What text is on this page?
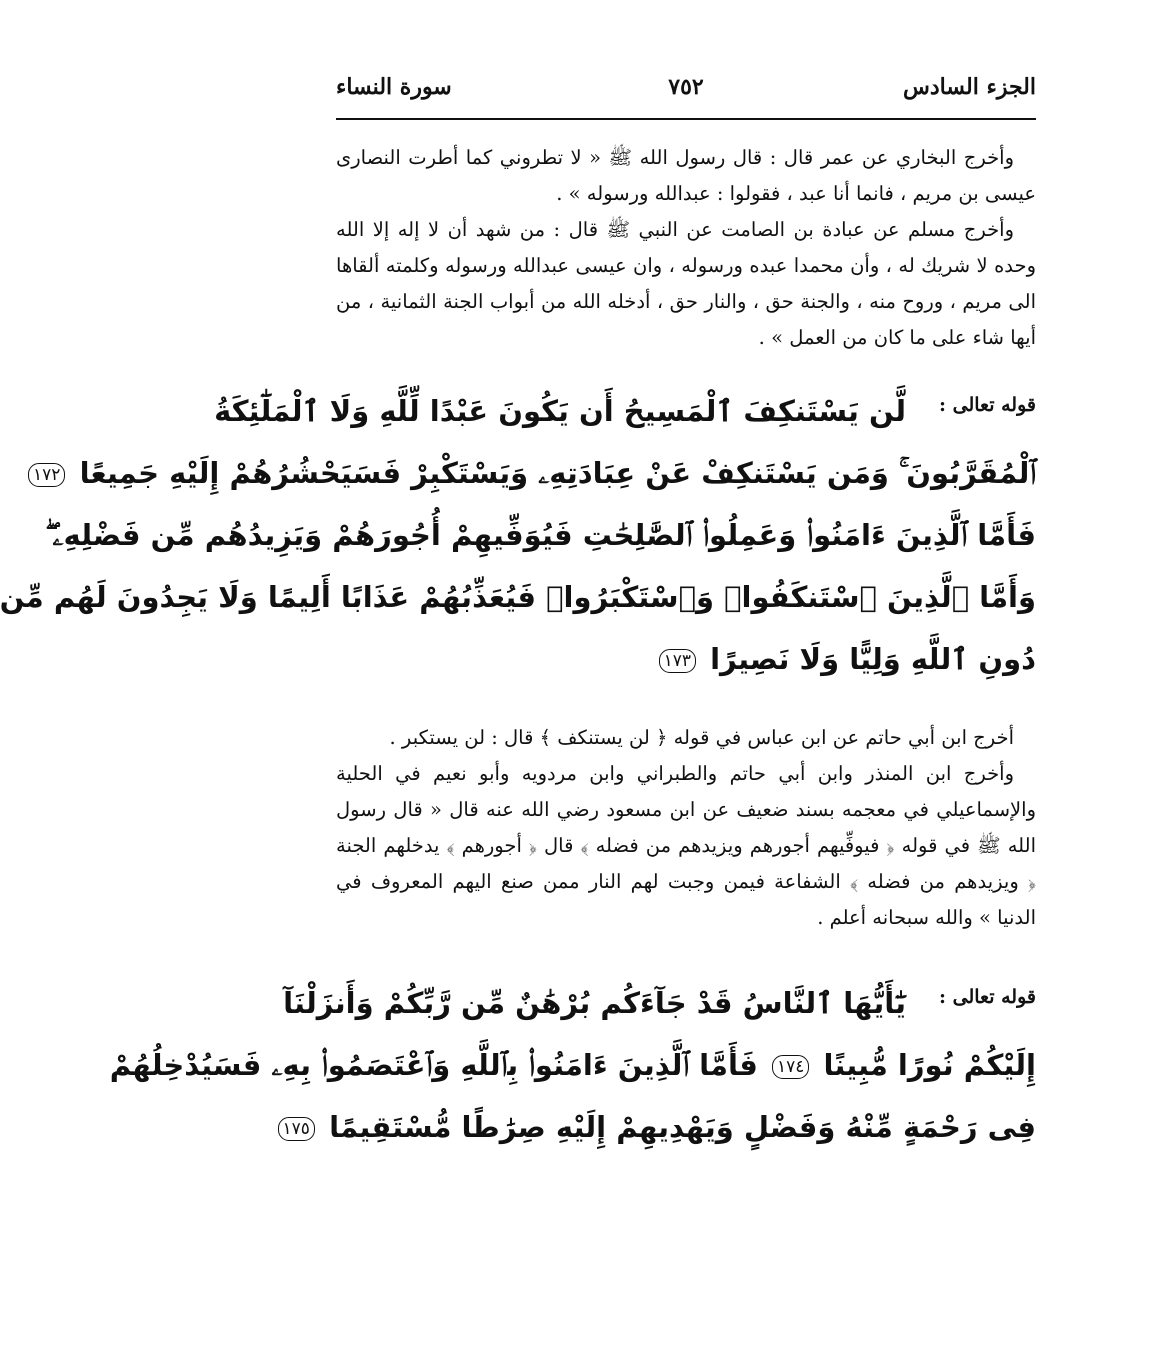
الجزء السادس
٧٥٢
سورة النساء

وأخرج البخاري عن عمر قال : قال رسول الله ﷺ « لا تطروني كما أطرت النصارى عيسى بن مريم ، فانما أنا عبد ، فقولوا : عبدالله ورسوله » .

وأخرج مسلم عن عبادة بن الصامت عن النبي ﷺ قال : من شهد أن لا إله إلا الله وحده لا شريك له ، وأن محمدا عبده ورسوله ، وان عيسى عبدالله ورسوله وكلمته ألقاها الى مريم ، وروح منه ، والجنة حق ، والنار حق ، أدخله الله من أبواب الجنة الثمانية ، من أيها شاء على ما كان من العمل » .

قوله تعالى :
لَّن يَسْتَنكِفَ ٱلْمَسِيحُ أَن يَكُونَ عَبْدًا لِّلَّهِ وَلَا ٱلْمَلَٰٓئِكَةُ
ٱلْمُقَرَّبُونَ ۚ وَمَن يَسْتَنكِفْ عَنْ عِبَادَتِهِۦ وَيَسْتَكْبِرْ فَسَيَحْشُرُهُمْ إِلَيْهِ جَمِيعًا ١٧٢
فَأَمَّا ٱلَّذِينَ ءَامَنُوا۟ وَعَمِلُوا۟ ٱلصَّٰلِحَٰتِ فَيُوَفِّيهِمْ أُجُورَهُمْ وَيَزِيدُهُم مِّن فَضْلِهِۦ ۖ
وَأَمَّا ٱلَّذِينَ ٱسْتَنكَفُوا۟ وَٱسْتَكْبَرُوا۟ فَيُعَذِّبُهُمْ عَذَابًا أَلِيمًا وَلَا يَجِدُونَ لَهُم مِّن
دُونِ ٱللَّهِ وَلِيًّا وَلَا نَصِيرًا ١٧٣

أخرج ابن أبي حاتم عن ابن عباس في قوله ﴿ لن يستنكف ﴾ قال : لن يستكبر .

وأخرج ابن المنذر وابن أبي حاتم والطبراني وابن مردويه وأبو نعيم في الحلية والإسماعيلي في معجمه بسند ضعيف عن ابن مسعود رضي الله عنه قال « قال رسول الله ﷺ في قوله ﴿ فيوفِّيهم أجورهم ويزيدهم من فضله ﴾ قال ﴿ أجورهم ﴾ يدخلهم الجنة ﴿ ويزيدهم من فضله ﴾ الشفاعة فيمن وجبت لهم النار ممن صنع اليهم المعروف في الدنيا » والله سبحانه أعلم .

قوله تعالى :
يَٰٓأَيُّهَا ٱلنَّاسُ قَدْ جَآءَكُم بُرْهَٰنٌ مِّن رَّبِّكُمْ وَأَنزَلْنَآ
إِلَيْكُمْ نُورًا مُّبِينًا ١٧٤ فَأَمَّا ٱلَّذِينَ ءَامَنُوا۟ بِٱللَّهِ وَٱعْتَصَمُوا۟ بِهِۦ فَسَيُدْخِلُهُمْ
فِى رَحْمَةٍ مِّنْهُ وَفَضْلٍ وَيَهْدِيهِمْ إِلَيْهِ صِرَٰطًا مُّسْتَقِيمًا ١٧٥
